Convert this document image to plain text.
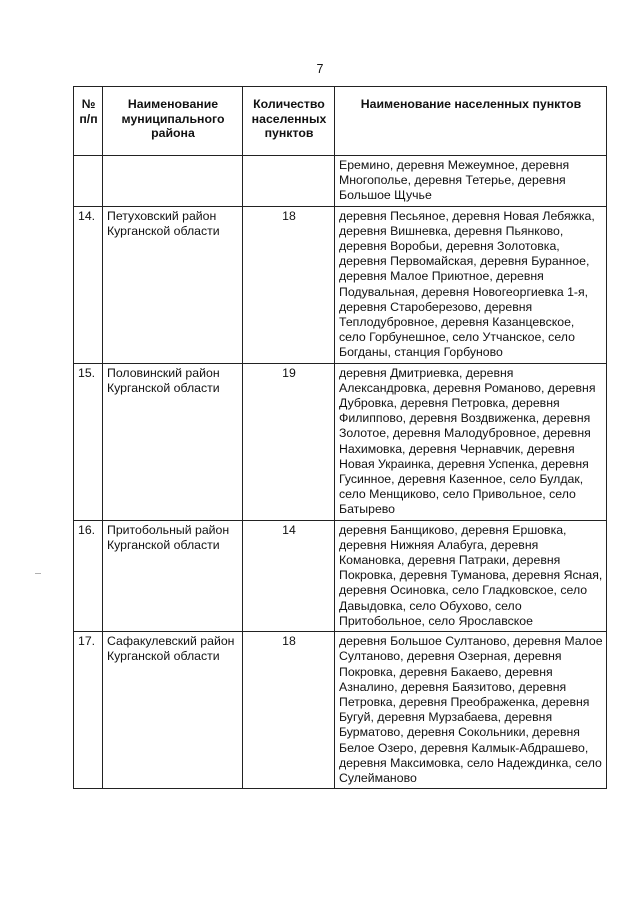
7
№ п/п	Наименование муниципального района	Количество населенных пунктов	Наименование населенных пунктов
			Еремино, деревня Межеумное, деревня Многополье, деревня Тетерье, деревня Большое Щучье
14.	Петуховский район Курганской области	18	деревня Песьяное, деревня Новая Лебяжка, деревня Вишневка, деревня Пьянково, деревня Воробьи, деревня Золотовка, деревня Первомайская, деревня Буранное, деревня Малое Приютное, деревня Подувальная, деревня Новогеоргиевка 1-я, деревня Староберезово, деревня Теплодубровное, деревня Казанцевское, село Горбунешное, село Утчанское, село Богданы, станция Горбуново
15.	Половинский район Курганской области	19	деревня Дмитриевка, деревня Александровка, деревня Романово, деревня Дубровка, деревня Петровка, деревня Филиппово, деревня Воздвиженка, деревня Золотое, деревня Малодубровное, деревня Нахимовка, деревня Чернавчик, деревня Новая Украинка, деревня Успенка, деревня Гусинное, деревня Казенное, село Булдак, село Менщиково, село Привольное, село Батырево
16.	Притобольный район Курганской области	14	деревня Банщиково, деревня Ершовка, деревня Нижняя Алабуга, деревня Комановка, деревня Патраки, деревня Покровка, деревня Туманова, деревня Ясная, деревня Осиновка, село Гладковское, село Давыдовка, село Обухово, село Притобольное, село Ярославское
17.	Сафакулевский район Курганской области	18	деревня Большое Султаново, деревня Малое Султаново, деревня Озерная, деревня Покровка, деревня Бакаево, деревня Азналино, деревня Баязитово, деревня Петровка, деревня Преображенка, деревня Бугуй, деревня Мурзабаева, деревня Бурматово, деревня Сокольники, деревня Белое Озеро, деревня Калмык-Абдрашево, деревня Максимовка, село Надеждинка, село Сулейманово
